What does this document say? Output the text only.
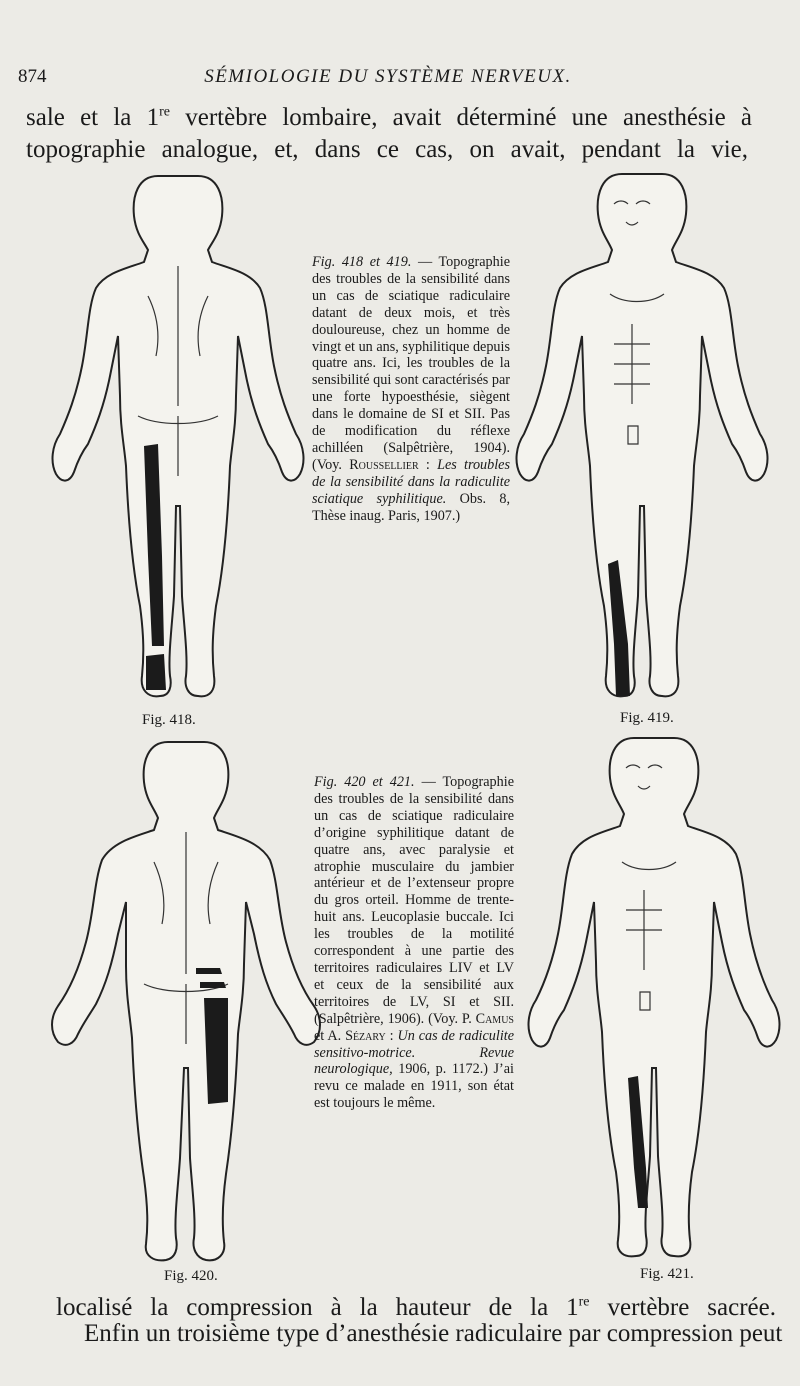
874	SÉMIOLOGIE DU SYSTÈME NERVEUX.
sale et la 1re vertèbre lombaire, avait déterminé une anesthésie à
topographie analogue, et, dans ce cas, on avait, pendant la vie,
Fig. 418.	Fig. 419.
Fig. 418 et 419. — Topographie des troubles de la sensibilité dans un cas de sciatique radiculaire datant de deux mois, et très douloureuse, chez un homme de vingt et un ans, syphilitique depuis quatre ans. Ici, les troubles de la sensibilité qui sont caractérisés par une forte hypoesthésie, siègent dans le domaine de SI et SII. Pas de modification du réflexe achilléen (Salpêtrière, 1904). (Voy. Roussellier : Les troubles de la sensibilité dans la radiculite sciatique syphilitique. Obs. 8, Thèse inaug. Paris, 1907.)
Fig. 420.	Fig. 421.
Fig. 420 et 421. — Topographie des troubles de la sensibilité dans un cas de sciatique radiculaire d’origine syphilitique datant de quatre ans, avec paralysie et atrophie musculaire du jambier antérieur et de l’extenseur propre du gros orteil. Homme de trente-huit ans. Leucoplasie buccale. Ici les troubles de la motilité correspondent à une partie des territoires radiculaires LIV et LV et ceux de la sensibilité aux territoires de LV, SI et SII. (Salpêtrière, 1906). (Voy. P. Camus et A. Sézary : Un cas de radiculite sensitivo-motrice. Revue neurologique, 1906, p. 1172.) J’ai revu ce malade en 1911, son état est toujours le même.
localisé la compression à la hauteur de la 1re vertèbre sacrée.
Enfin un troisième type d’anesthésie radiculaire par compression peut
